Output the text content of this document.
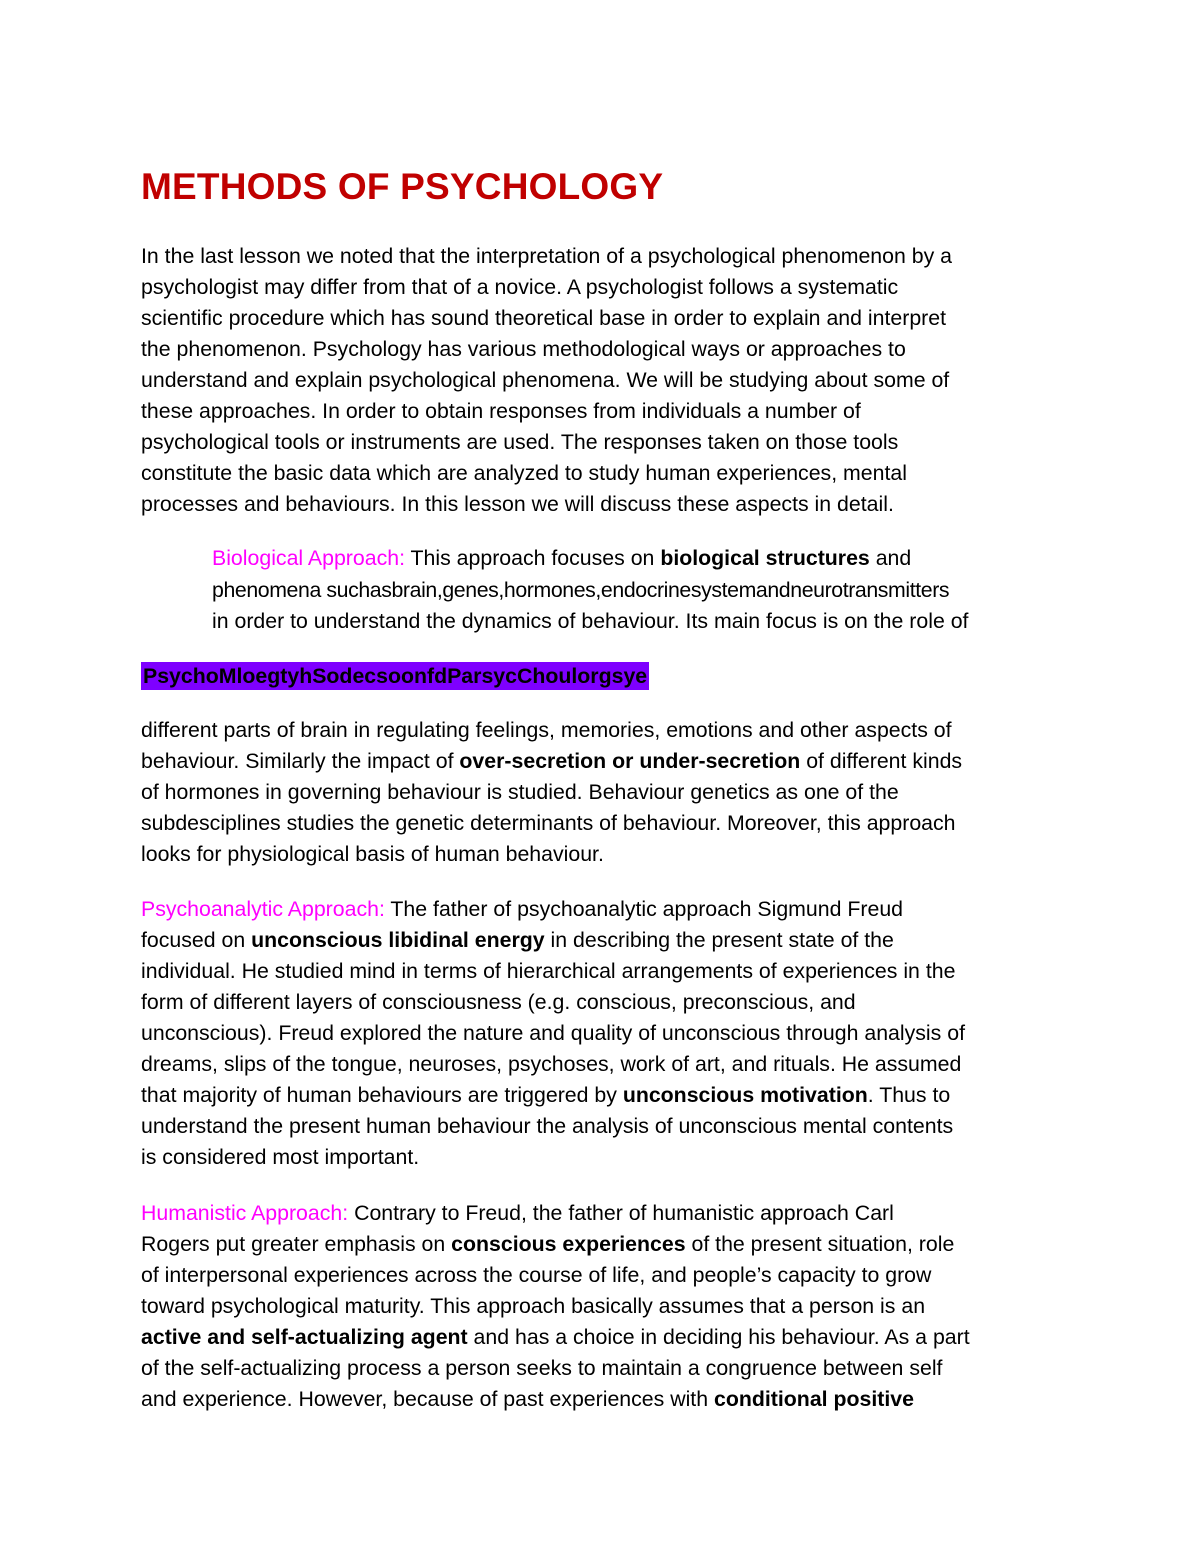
METHODS OF PSYCHOLOGY

In the last lesson we noted that the interpretation of a psychological phenomenon by a

psychologist may differ from that of a novice. A psychologist follows a systematic

scientific procedure which has sound theoretical base in order to explain and interpret

the phenomenon. Psychology has various methodological ways or approaches to

understand and explain psychological phenomena. We will be studying about some of

these approaches. In order to obtain responses from individuals a number of

psychological tools or instruments are used. The responses taken on those tools

constitute the basic data which are analyzed to study human experiences, mental

processes and behaviours. In this lesson we will discuss these aspects in detail.

Biological Approach: This approach focuses on biological structures and

phenomena suchasbrain,genes,hormones,endocrinesystemandneurotransmitters

in order to understand the dynamics of behaviour. Its main focus is on the role of

PsychoMloegtyhSodecsoonfdParsycChoulorgsye

different parts of brain in regulating feelings, memories, emotions and other aspects of

behaviour. Similarly the impact of over-secretion or under-secretion of different kinds

of hormones in governing behaviour is studied. Behaviour genetics as one of the

subdesciplines studies the genetic determinants of behaviour. Moreover, this approach

looks for physiological basis of human behaviour.

Psychoanalytic Approach: The father of psychoanalytic approach Sigmund Freud

focused on unconscious libidinal energy in describing the present state of the

individual. He studied mind in terms of hierarchical arrangements of experiences in the

form of different layers of consciousness (e.g. conscious, preconscious, and

unconscious). Freud explored the nature and quality of unconscious through analysis of

dreams, slips of the tongue, neuroses, psychoses, work of art, and rituals. He assumed

that majority of human behaviours are triggered by unconscious motivation. Thus to

understand the present human behaviour the analysis of unconscious mental contents

is considered most important.

Humanistic Approach: Contrary to Freud, the father of humanistic approach Carl

Rogers put greater emphasis on conscious experiences of the present situation, role

of interpersonal experiences across the course of life, and people’s capacity to grow

toward psychological maturity. This approach basically assumes that a person is an

active and self-actualizing agent and has a choice in deciding his behaviour. As a part

of the self-actualizing process a person seeks to maintain a congruence between self

and experience. However, because of past experiences with conditional positive
